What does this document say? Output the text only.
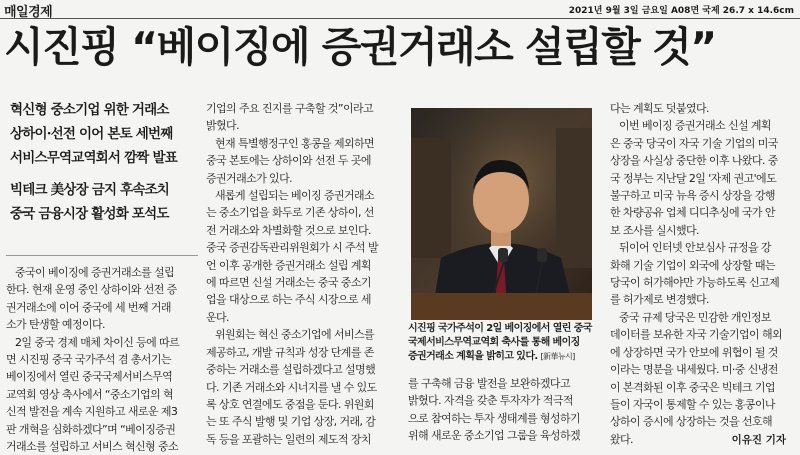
매일경제	2021년 9월 3일 금요일 A08면 국제 26.7 x 14.6cm
시진핑 “베이징에 증권거래소 설립할 것”
혁신형 중소기업 위한 거래소
상하이·선전 이어 본토 세번째
서비스무역교역회서 깜짝 발표
빅테크 美상장 금지 후속조치
중국 금융시장 활성화 포석도

중국이 베이징에 증권거래소를 설립

한다. 현재 운영 중인 상하이와 선전 증

권거래소에 이어 중국에 세 번째 거래

소가 탄생할 예정이다.

2일 중국 경제 매체 차이신 등에 따르

면 시진핑 중국 국가주석 겸 총서기는

베이징에서 열린 중국국제서비스무역

교역회 영상 축사에서 “중소기업의 혁

신적 발전을 계속 지원하고 새로운 제3

판 개혁을 심화하겠다”며 “베이징증권

거래소를 설립하고 서비스 혁신형 중소

기업의 주요 진지를 구축할 것”이라고

밝혔다.

현재 특별행정구인 홍콩을 제외하면

중국 본토에는 상하이와 선전 두 곳에

증권거래소가 있다.

새롭게 설립되는 베이징 증권거래소

는 중소기업을 화두로 기존 상하이, 선

전 거래소와 차별화할 것으로 보인다.

중국 증권감독관리위원회가 시 주석 발

언 이후 공개한 증권거래소 설립 계획

에 따르면 신설 거래소는 중국 중소기

업을 대상으로 하는 주식 시장으로 세

운다.

위원회는 혁신 중소기업에 서비스를

제공하고, 개발 규칙과 성장 단계를 존

중하는 거래소를 설립하겠다고 설명했

다. 기존 거래소와 시너지를 낼 수 있도

록 상호 연결에도 중점을 둔다. 위원회

는 또 주식 발행 및 기업 상장, 거래, 감

독 등을 포괄하는 일련의 제도적 장치

시진핑 국가주석이 2일 베이징에서 열린 중국

국제서비스무역교역회 축사를 통해 베이징

증권거래소 계획을 밝히고 있다. [新華뉴시]

를 구축해 금융 발전을 보완하겠다고

밝혔다. 자격을 갖춘 투자자가 적극적

으로 참여하는 투자 생태계를 형성하기

위해 새로운 중소기업 그룹을 육성하겠

다는 계획도 덧붙였다.

이번 베이징 증권거래소 신설 계획

은 중국 당국이 자국 기술 기업의 미국

상장을 사실상 중단한 이후 나왔다. 중

국 정부는 지난달 2일 '자제 권고'에도

불구하고 미국 뉴욕 증시 상장을 강행

한 차량공유 업체 디디추싱에 국가 안

보 조사를 실시했다.

뒤이어 인터넷 안보심사 규정을 강

화해 기술 기업이 외국에 상장할 때는

당국이 허가해야만 가능하도록 신고제

를 허가제로 변경했다.

중국 규제 당국은 민감한 개인정보

데이터를 보유한 자국 기술기업이 해외

에 상장하면 국가 안보에 위협이 될 것

이라는 명분을 내세웠다. 미·중 신냉전

이 본격화된 이후 중국은 빅테크 기업

들이 자국이 통제할 수 있는 홍콩이나

상하이 증시에 상장하는 것을 선호해

왔다.	이유진 기자
